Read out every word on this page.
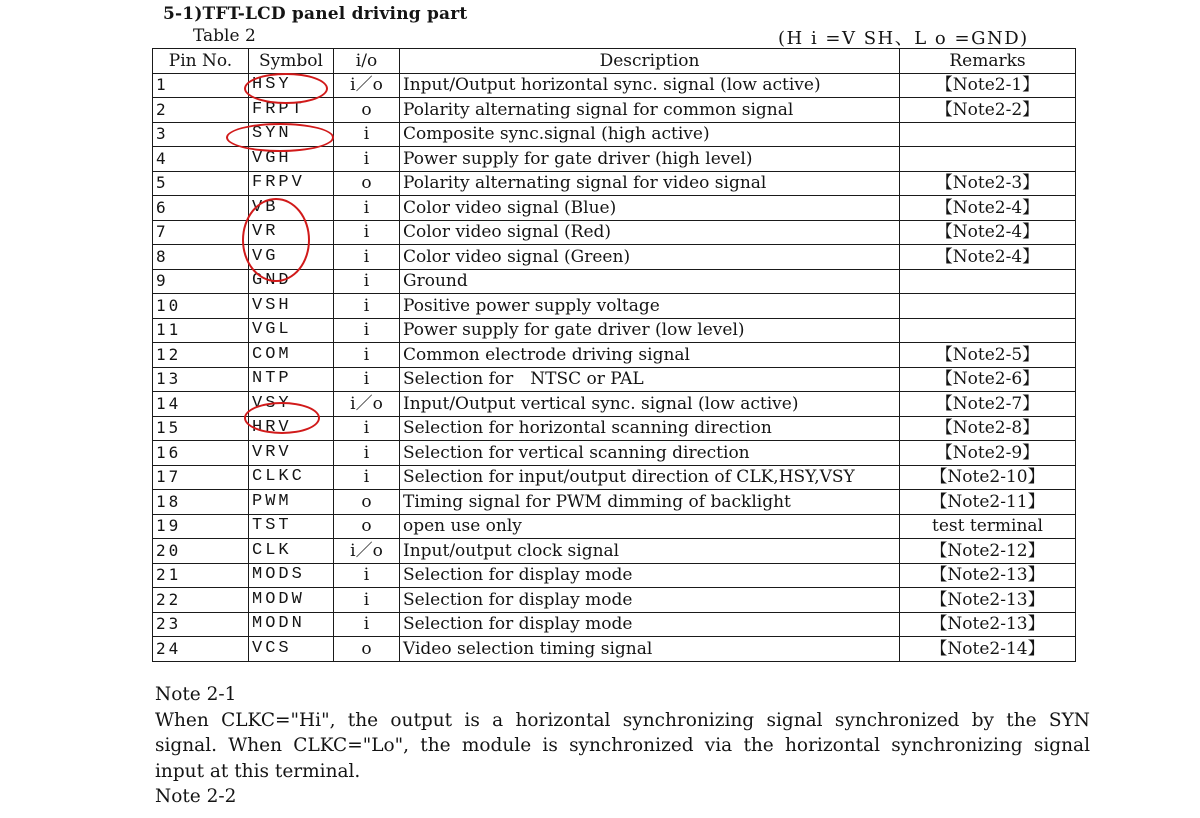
5-1)TFT-LCD panel driving part
Table 2	(H i =V SH、L o =GND)
Pin No.	Symbol	i/o	Description	Remarks
1	HSY	i／o	Input/Output horizontal sync. signal (low active)	【Note2-1】
2	FRPT	o	Polarity alternating signal for common signal	【Note2-2】
3	SYN	i	Composite sync.signal (high active)	
4	VGH	i	Power supply for gate driver (high level)	
5	FRPV	o	Polarity alternating signal for video signal	【Note2-3】
6	VB	i	Color video signal (Blue)	【Note2-4】
7	VR	i	Color video signal (Red)	【Note2-4】
8	VG	i	Color video signal (Green)	【Note2-4】
9	GND	i	Ground	
10	VSH	i	Positive power supply voltage	
11	VGL	i	Power supply for gate driver (low level)	
12	COM	i	Common electrode driving signal	【Note2-5】
13	NTP	i	Selection for　NTSC or PAL	【Note2-6】
14	VSY	i／o	Input/Output vertical sync. signal (low active)	【Note2-7】
15	HRV	i	Selection for horizontal scanning direction	【Note2-8】
16	VRV	i	Selection for vertical scanning direction	【Note2-9】
17	CLKC	i	Selection for input/output direction of CLK,HSY,VSY	【Note2-10】
18	PWM	o	Timing signal for PWM dimming of backlight	【Note2-11】
19	TST	o	open use only	test terminal
20	CLK	i／o	Input/output clock signal	【Note2-12】
21	MODS	i	Selection for display mode	【Note2-13】
22	MODW	i	Selection for display mode	【Note2-13】
23	MODN	i	Selection for display mode	【Note2-13】
24	VCS	o	Video selection timing signal	【Note2-14】

Note 2-1

When CLKC="Hi", the output is a horizontal synchronizing signal synchronized by the SYN

signal. When CLKC="Lo", the module is synchronized via the horizontal synchronizing signal

input at this terminal.

Note 2-2
